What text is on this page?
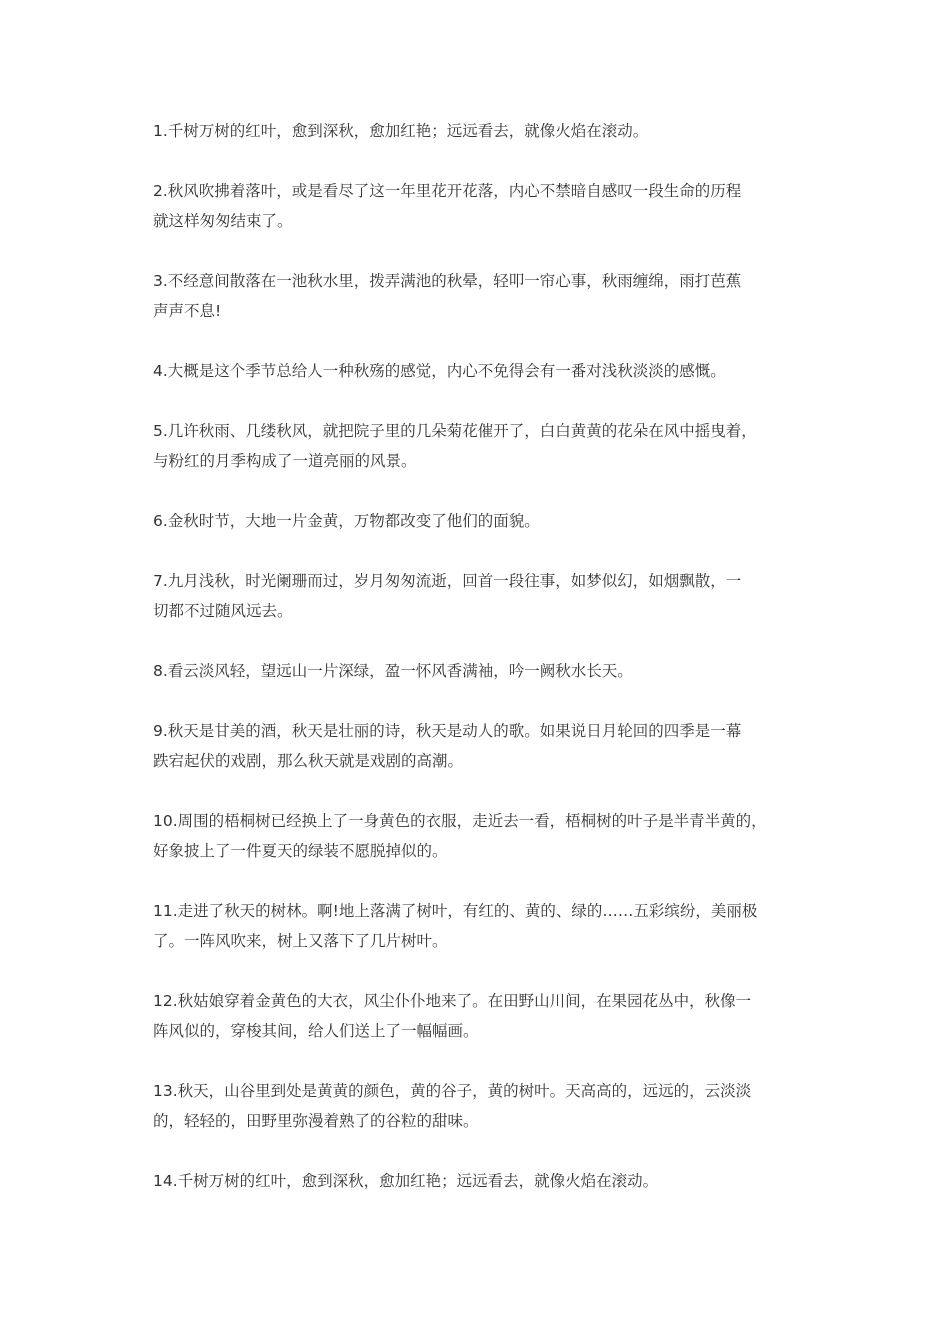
1.千树万树的红叶，愈到深秋，愈加红艳；远远看去，就像火焰在滚动。

2.秋风吹拂着落叶，或是看尽了这一年里花开花落，内心不禁暗自感叹一段生命的历程
就这样匆匆结束了。

3.不经意间散落在一池秋水里，拨弄满池的秋晕，轻叩一帘心事，秋雨缠绵，雨打芭蕉
声声不息!

4.大概是这个季节总给人一种秋殇的感觉，内心不免得会有一番对浅秋淡淡的感慨。

5.几许秋雨、几缕秋风，就把院子里的几朵菊花催开了，白白黄黄的花朵在风中摇曳着，
与粉红的月季构成了一道亮丽的风景。

6.金秋时节，大地一片金黄，万物都改变了他们的面貌。

7.九月浅秋，时光阑珊而过，岁月匆匆流逝，回首一段往事，如梦似幻，如烟飘散，一
切都不过随风远去。

8.看云淡风轻，望远山一片深绿，盈一怀风香满袖，吟一阙秋水长天。

9.秋天是甘美的酒，秋天是壮丽的诗，秋天是动人的歌。如果说日月轮回的四季是一幕
跌宕起伏的戏剧，那么秋天就是戏剧的高潮。

10.周围的梧桐树已经换上了一身黄色的衣服，走近去一看，梧桐树的叶子是半青半黄的，
好象披上了一件夏天的绿装不愿脱掉似的。

11.走进了秋天的树林。啊!地上落满了树叶，有红的、黄的、绿的……五彩缤纷，美丽极
了。一阵风吹来，树上又落下了几片树叶。

12.秋姑娘穿着金黄色的大衣，风尘仆仆地来了。在田野山川间，在果园花丛中，秋像一
阵风似的，穿梭其间，给人们送上了一幅幅画。

13.秋天，山谷里到处是黄黄的颜色，黄的谷子，黄的树叶。天高高的，远远的，云淡淡
的，轻轻的，田野里弥漫着熟了的谷粒的甜味。

14.千树万树的红叶，愈到深秋，愈加红艳；远远看去，就像火焰在滚动。
